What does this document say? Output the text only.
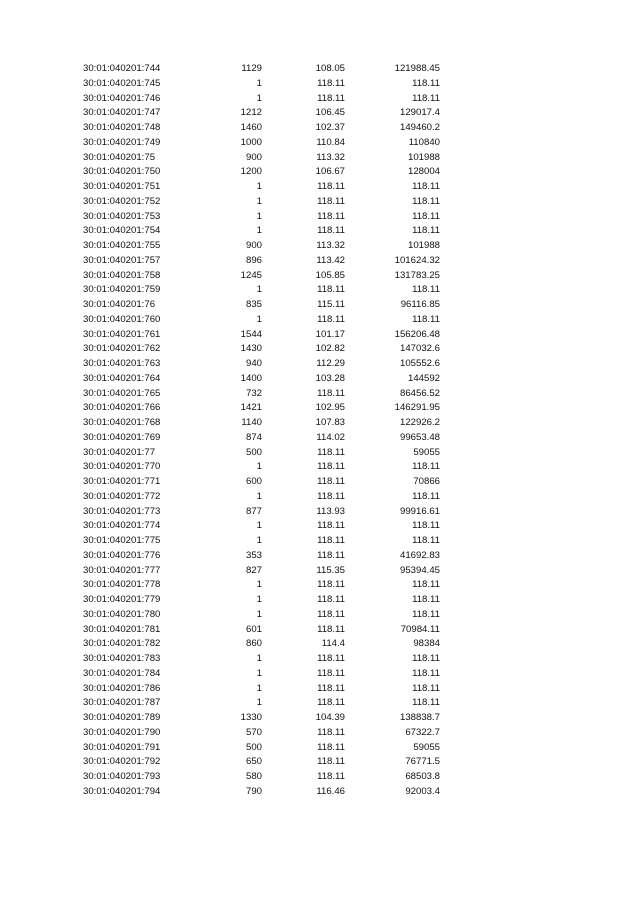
30:01:040201:744	1129	108.05	121988.45
30:01:040201:745	1	118.11	118.11
30:01:040201:746	1	118.11	118.11
30:01:040201:747	1212	106.45	129017.4
30:01:040201:748	1460	102.37	149460.2
30:01:040201:749	1000	110.84	110840
30:01:040201:75	900	113.32	101988
30:01:040201:750	1200	106.67	128004
30:01:040201:751	1	118.11	118.11
30:01:040201:752	1	118.11	118.11
30:01:040201:753	1	118.11	118.11
30:01:040201:754	1	118.11	118.11
30:01:040201:755	900	113.32	101988
30:01:040201:757	896	113.42	101624.32
30:01:040201:758	1245	105.85	131783.25
30:01:040201:759	1	118.11	118.11
30:01:040201:76	835	115.11	96116.85
30:01:040201:760	1	118.11	118.11
30:01:040201:761	1544	101.17	156206.48
30:01:040201:762	1430	102.82	147032.6
30:01:040201:763	940	112.29	105552.6
30:01:040201:764	1400	103.28	144592
30:01:040201:765	732	118.11	86456.52
30:01:040201:766	1421	102.95	146291.95
30:01:040201:768	1140	107.83	122926.2
30:01:040201:769	874	114.02	99653.48
30:01:040201:77	500	118.11	59055
30:01:040201:770	1	118.11	118.11
30:01:040201:771	600	118.11	70866
30:01:040201:772	1	118.11	118.11
30:01:040201:773	877	113.93	99916.61
30:01:040201:774	1	118.11	118.11
30:01:040201:775	1	118.11	118.11
30:01:040201:776	353	118.11	41692.83
30:01:040201:777	827	115.35	95394.45
30:01:040201:778	1	118.11	118.11
30:01:040201:779	1	118.11	118.11
30:01:040201:780	1	118.11	118.11
30:01:040201:781	601	118.11	70984.11
30:01:040201:782	860	114.4	98384
30:01:040201:783	1	118.11	118.11
30:01:040201:784	1	118.11	118.11
30:01:040201:786	1	118.11	118.11
30:01:040201:787	1	118.11	118.11
30:01:040201:789	1330	104.39	138838.7
30:01:040201:790	570	118.11	67322.7
30:01:040201:791	500	118.11	59055
30:01:040201:792	650	118.11	76771.5
30:01:040201:793	580	118.11	68503.8
30:01:040201:794	790	116.46	92003.4
